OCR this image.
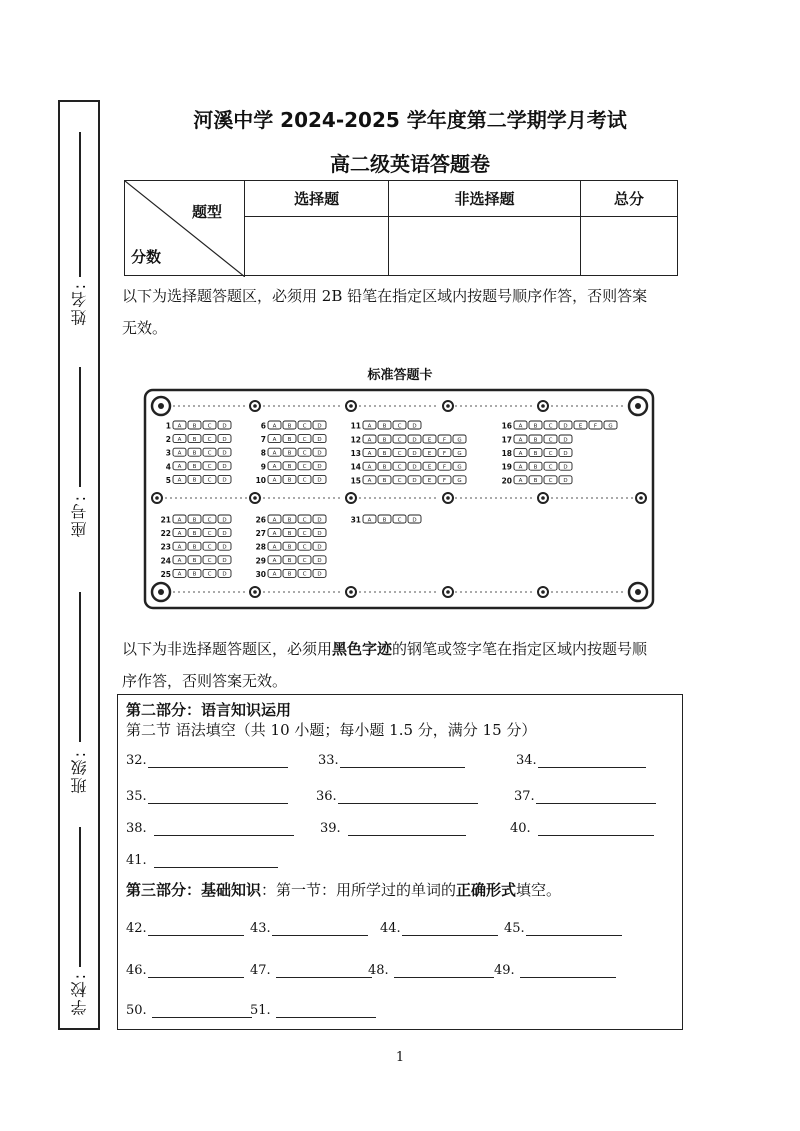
姓名:
座号:
班级:
学校:
河溪中学 2024-2025 学年度第二学期学月考试
高二级英语答题卷
题型
分数	选择题	非选择题	总分

以下为选择题答题区，必须用 2B 铅笔在指定区域内按题号顺序作答，否则答案
无效。
标准答题卡
1 A B C D
2 A B C D
3 A B C D
4 A B C D
5 A B C D
6 A B C D
7 A B C D
8 A B C D
9 A B C D
10 A B C D
11 A B C D
12 A B C D E F G
13 A B C D E F G
14 A B C D E F G
15 A B C D E F G
16 A B C D E F G
17 A B C D
18 A B C D
19 A B C D
20 A B C D
21 A B C D
22 A B C D
23 A B C D
24 A B C D
25 A B C D
26 A B C D
27 A B C D
28 A B C D
29 A B C D
30 A B C D
31 A B C D
以下为非选择题答题区，必须用黑色字迹的钢笔或签字笔在指定区域内按题号顺
序作答，否则答案无效。
第二部分：语言知识运用
第二节 语法填空（共 10 小题；每小题 1.5 分，满分 15 分）
32.	33.	34.
35.	36.	37.
38.	39.	40.
41.
第三部分：基础知识：第一节：用所学过的单词的正确形式填空。
42.	43.	44.	45.
46.	47.	48.	49.
50.	51.
1
